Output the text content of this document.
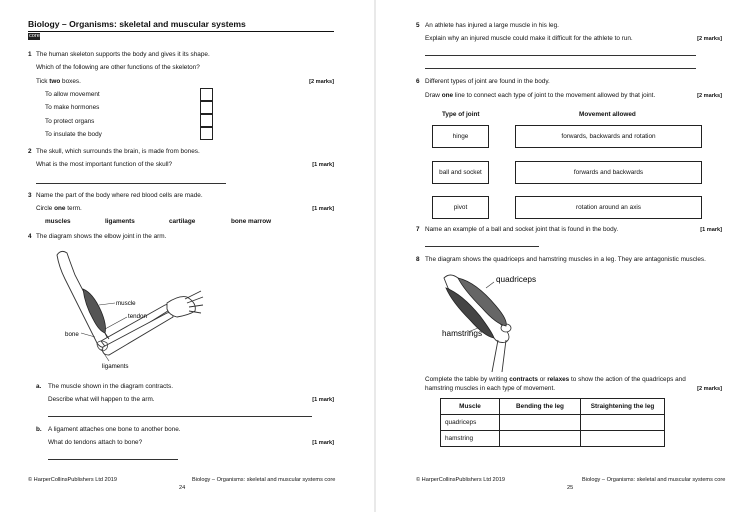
Biology – Organisms: skeletal and muscular systems
core
1 The human skeleton supports the body and gives it its shape.
Which of the following are other functions of the skeleton?
Tick two boxes.	[2 marks]
To allow movement
To make hormones
To protect organs
To insulate the body
2 The skull, which surrounds the brain, is made from bones.
What is the most important function of the skull?	[1 mark]
3 Name the part of the body where red blood cells are made.
Circle one term.	[1 mark]
muscles	ligaments	cartilage	bone marrow
4 The diagram shows the elbow joint in the arm.
muscle
tendon
bone
ligaments
a. The muscle shown in the diagram contracts.
Describe what will happen to the arm.	[1 mark]
b. A ligament attaches one bone to another bone.
What do tendons attach to bone?	[1 mark]
© HarperCollinsPublishers Ltd 2019	Biology – Organisms: skeletal and muscular systems core
24
5 An athlete has injured a large muscle in his leg.
Explain why an injured muscle could make it difficult for the athlete to run.	[2 marks]
6 Different types of joint are found in the body.
Draw one line to connect each type of joint to the movement allowed by that joint.	[2 marks]
Type of joint	Movement allowed
hinge
ball and socket
pivot
forwards, backwards and rotation
forwards and backwards
rotation around an axis
7 Name an example of a ball and socket joint that is found in the body.	[1 mark]
8 The diagram shows the quadriceps and hamstring muscles in a leg. They are antagonistic muscles.
quadriceps
hamstrings
Complete the table by writing contracts or relaxes to show the action of the quadriceps and
hamstring muscles in each type of movement.	[2 marks]
Muscle	Bending the leg	Straightening the leg
quadriceps		
hamstring		
© HarperCollinsPublishers Ltd 2019	Biology – Organisms: skeletal and muscular systems core
25
